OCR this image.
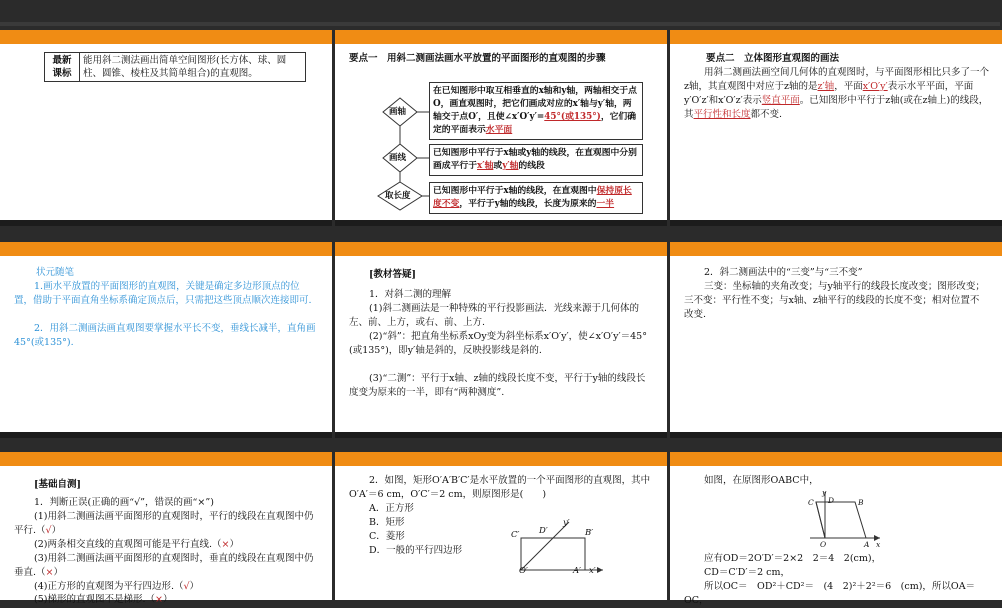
最新
课标	能用斜二测法画出简单空间图形(长方体、球、圆柱、圆锥、棱柱及其简单组合)的直观图。
要点一　用斜二测画法画水平放置的平面图形的直观图的步骤
画轴
画线
取长度
在已知图形中取互相垂直的x轴和y轴，两轴相交于点O，画直观图时，把它们画成对应的x′轴与y′轴，两轴交于点O′，且使∠x′O′y′=45°(或135°)，它们确定的平面表示水平面
已知图形中平行于x轴或y轴的线段，在直观图中分别画成平行于x′轴或y′轴的线段
已知图形中平行于x轴的线段，在直观图中保持原长度不变，平行于y轴的线段，长度为原来的一半
要点二　立体图形直观图的画法
用斜二测画法画空间几何体的直观图时，与平面图形相比只多了一个z轴，其直观图中对应于z轴的是z′轴，平面x′O′y′表示水平平面，平面y′O′z′和x′O′z′表示竖直平面。已知图形中平行于z轴(或在z轴上)的线段，其平行性和长度都不变.
状元随笔
1.画水平放置的平面图形的直观图，关键是确定多边形顶点的位置，借助于平面直角坐标系确定顶点后，只需把这些顶点顺次连接即可.
2．用斜二测画法画直观图要掌握水平长不变，垂线长减半，直角画45°(或135°).
[教材答疑]
1．对斜二测的理解
(1)斜二测画法是一种特殊的平行投影画法．光线来源于几何体的左、前、上方，或右、前、上方.
(2)“斜”：把直角坐标系xOy变为斜坐标系x′O′y′，使∠x′O′y′＝45°(或135°)，即y′轴是斜的，反映投影线是斜的.
(3)“二测”：平行于x轴、z轴的线段长度不变，平行于y轴的线段长度变为原来的一半，即有“两种测度”.
2．斜二测画法中的“三变”与“三不变”
三变：坐标轴的夹角改变；与y轴平行的线段长度改变；图形改变；三不变：平行性不变；与x轴、z轴平行的线段的长度不变；相对位置不改变.
[基础自测]
1．判断正误(正确的画“√”，错误的画“×”)
(1)用斜二测画法画平面图形的直观图时，平行的线段在直观图中仍平行.（√）
(2)两条相交直线的直观图可能是平行直线.（×）
(3)用斜二测画法画平面图形的直观图时，垂直的线段在直观图中仍垂直.（×）
(4)正方形的直观图为平行四边形.（√）
(5)梯形的直观图不是梯形.（×）
2．如图，矩形O′A′B′C′是水平放置的一个平面图形的直观图，其中O′A′＝6 cm，O′C′＝2 cm，则原图形是(　　)
A．正方形
B．矩形
C．菱形
D．一般的平行四边形
C′ D′
y′
B′
O′	A′ x′
如图，在原图形OABC中，
y
C D	B
O	A x
应有OD＝2O′D′＝2×2　2＝4　2(cm)，
CD＝C′D′＝2 cm，
所以OC＝　OD²＋CD²＝　(4　2)²＋2²＝6　(cm)，所以OA＝
OC，
